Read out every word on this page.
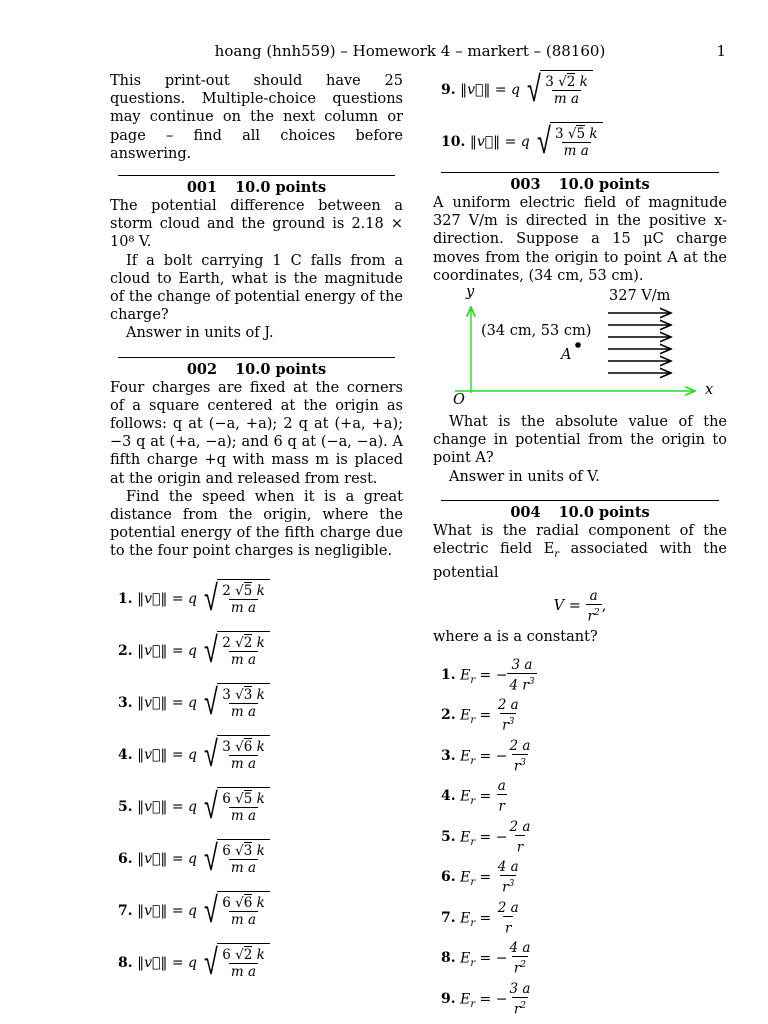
hoang (hnh559) – Homework 4 – markert – (88160)	1

This print-out should have 25 questions. Multiple-choice questions may continue on the next column or page – find all choices before answering.

001 10.0 points

The potential difference between a storm cloud and the ground is 2.18 × 10⁸ V.

If a bolt carrying 1 C falls from a cloud to Earth, what is the magnitude of the change of potential energy of the charge?

Answer in units of J.

002 10.0 points

Four charges are fixed at the corners of a square centered at the origin as follows: q at (−a, +a); 2 q at (+a, +a); −3 q at (+a, −a); and 6 q at (−a, −a). A fifth charge +q with mass m is placed at the origin and released from rest.

Find the speed when it is a great distance from the origin, where the potential energy of the fifth charge due to the four point charges is negligible.

1. ‖v⃗‖ = q √ $\frac{2 √5 k}{\text{m a}}$
2. ‖v⃗‖ = q √ $\frac{2 √2 k}{\text{m a}}$
3. ‖v⃗‖ = q √ $\frac{3 √3 k}{\text{m a}}$
4. ‖v⃗‖ = q √ $\frac{3 √6 k}{\text{m a}}$
5. ‖v⃗‖ = q √ $\frac{6 √5 k}{\text{m a}}$
6. ‖v⃗‖ = q √ $\frac{6 √3 k}{\text{m a}}$
7. ‖v⃗‖ = q √ $\frac{6 √6 k}{\text{m a}}$
8. ‖v⃗‖ = q √ $\frac{6 √2 k}{\text{m a}}$
9. ‖v⃗‖ = q √ $\frac{3 √2 k}{\text{m a}}$
10. ‖v⃗‖ = q √ $\frac{3 √5 k}{\text{m a}}$
003 10.0 points

A uniform electric field of magnitude 327 V/m is directed in the positive x-direction. Suppose a 15 μC charge moves from the origin to point A at the coordinates, (34 cm, 53 cm).

y
x
O
327 V/m
(34 cm, 53 cm)
A

What is the absolute value of the change in potential from the origin to point A?

Answer in units of V.

004 10.0 points

What is the radial component of the electric field $E_r$ associated with the potential

$V = \frac{a}{r^2}$ ,

where a is a constant?

1. $E_r$ = − $\frac{3 a}{4 r^3}$
2. $E_r = \frac{2 a}{r^3}$
3. $E_r$ = − $\frac{2 a}{r^3}$
4. $E_r = \frac{a}{r}$
5. $E_r$ = − $\frac{2 a}{r}$
6. $E_r = \frac{4 a}{r^3}$
7. $E_r = \frac{2 a}{r}$
8. $E_r$ = − $\frac{4 a}{r^2}$
9. $E_r$ = − $\frac{3 a}{r^2}$
